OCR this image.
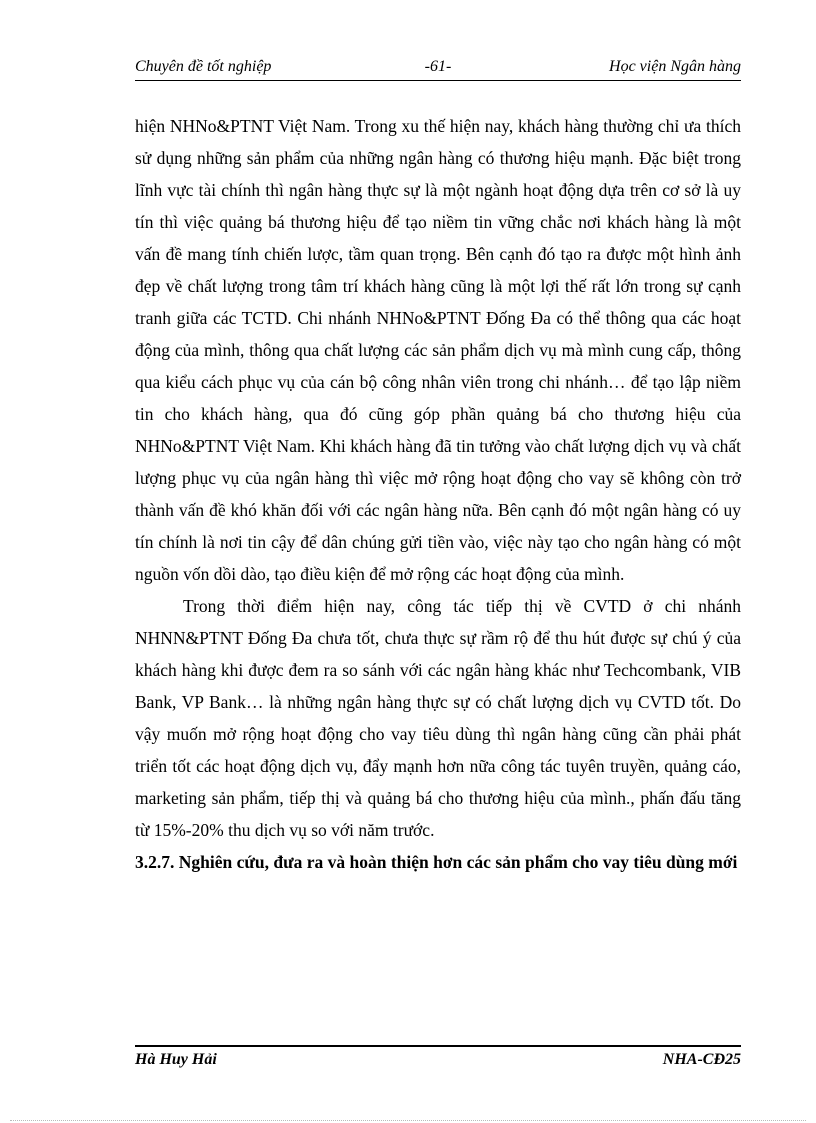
Chuyên đề tốt nghiệp	-61-	Học viện Ngân hàng

hiện NHNo&PTNT Việt Nam. Trong xu thế hiện nay, khách hàng thường chỉ ưa thích sử dụng những sản phẩm của những ngân hàng có thương hiệu mạnh. Đặc biệt trong lĩnh vực tài chính thì ngân hàng thực sự là một ngành hoạt động dựa trên cơ sở là uy tín thì việc quảng bá thương hiệu để tạo niềm tin vững chắc nơi khách hàng là một vấn đề mang tính chiến lược, tầm quan trọng. Bên cạnh đó tạo ra được một hình ảnh đẹp về chất lượng trong tâm trí khách hàng cũng là một lợi thế rất lớn trong sự cạnh tranh giữa các TCTD. Chi nhánh NHNo&PTNT Đống Đa có thể thông qua các hoạt động của mình, thông qua chất lượng các sản phẩm dịch vụ mà mình cung cấp, thông qua kiểu cách phục vụ của cán bộ công nhân viên trong chi nhánh… để tạo lập niềm tin cho khách hàng, qua đó cũng góp phần quảng bá cho thương hiệu của NHNo&PTNT Việt Nam. Khi khách hàng đã tin tưởng vào chất lượng dịch vụ và chất lượng phục vụ của ngân hàng thì việc mở rộng hoạt động cho vay sẽ không còn trở thành vấn đề khó khăn đối với các ngân hàng nữa. Bên cạnh đó một ngân hàng có uy tín chính là nơi tin cậy để dân chúng gửi tiền vào, việc này tạo cho ngân hàng có một nguồn vốn dồi dào, tạo điều kiện để mở rộng các hoạt động của mình.

Trong thời điểm hiện nay, công tác tiếp thị về CVTD ở chi nhánh NHNN&PTNT Đống Đa chưa tốt, chưa thực sự rầm rộ để thu hút được sự chú ý của khách hàng khi được đem ra so sánh với các ngân hàng khác như Techcombank, VIB Bank, VP Bank… là những ngân hàng thực sự có chất lượng dịch vụ CVTD tốt. Do vậy muốn mở rộng hoạt động cho vay tiêu dùng thì ngân hàng cũng cần phải phát triển tốt các hoạt động dịch vụ, đẩy mạnh hơn nữa công tác tuyên truyền, quảng cáo, marketing sản phẩm, tiếp thị và quảng bá cho thương hiệu của mình., phấn đấu tăng từ 15%-20% thu dịch vụ so với năm trước.

3.2.7. Nghiên cứu, đưa ra và hoàn thiện hơn các sản phẩm cho vay tiêu dùng mới

Hà Huy Hải	NHA-CĐ25
